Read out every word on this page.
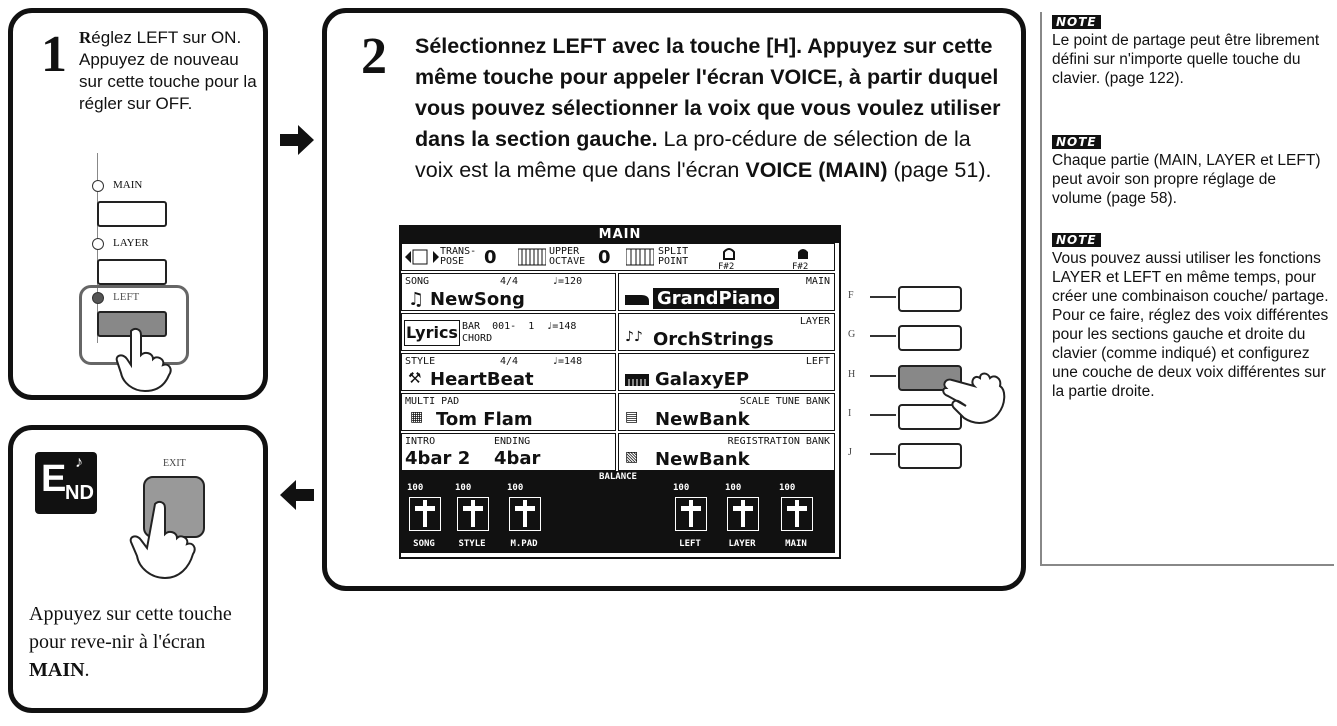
1 Réglez LEFT sur ON. Appuyez de nouveau sur cette touche pour la régler sur OFF.
MAIN
LAYER
LEFT
2 Sélectionnez LEFT avec la touche [H]. Appuyez sur cette même touche pour appeler l'écran VOICE, à partir duquel vous pouvez sélectionner la voix que vous voulez utiliser dans la section gauche. La pro-cédure de sélection de la voix est la même que dans l'écran VOICE (MAIN) (page 51).
MAIN
TRANS-
POSE	0	UPPER
OCTAVE 0	SPLIT
POINT	F#2	F#2
SONG	4/4	♩=120
♫ NewSong
Lyrics BAR  001-  1  ♩=148
CHORD
STYLE	4/4	♩=148
⚒ HeartBeat
MULTI PAD
▦ Tom Flam
INTRO	ENDING
4bar 2 4bar
MAIN
GrandPiano
LAYER
♪♪ OrchStrings
LEFT
GalaxyEP
SCALE TUNE BANK
▤ NewBank
REGISTRATION BANK
▧ NewBank
BALANCE
100
SONG
100
STYLE
100
M.PAD
100
LEFT
100
LAYER
100
MAIN
F
G
H
I
J
E
ND
♪	EXIT
Appuyez sur cette touche pour reve-nir à l'écran MAIN.
NOTE
Le point de partage peut être librement défini sur n'importe quelle touche du clavier. (page 122).
NOTE
Chaque partie (MAIN, LAYER et LEFT) peut avoir son propre réglage de volume (page 58).
NOTE
Vous pouvez aussi utiliser les fonctions LAYER et LEFT en même temps, pour créer une combinaison couche/ partage. Pour ce faire, réglez des voix différentes pour les sections gauche et droite du clavier (comme indiqué) et configurez une couche de deux voix différentes sur la partie droite.
